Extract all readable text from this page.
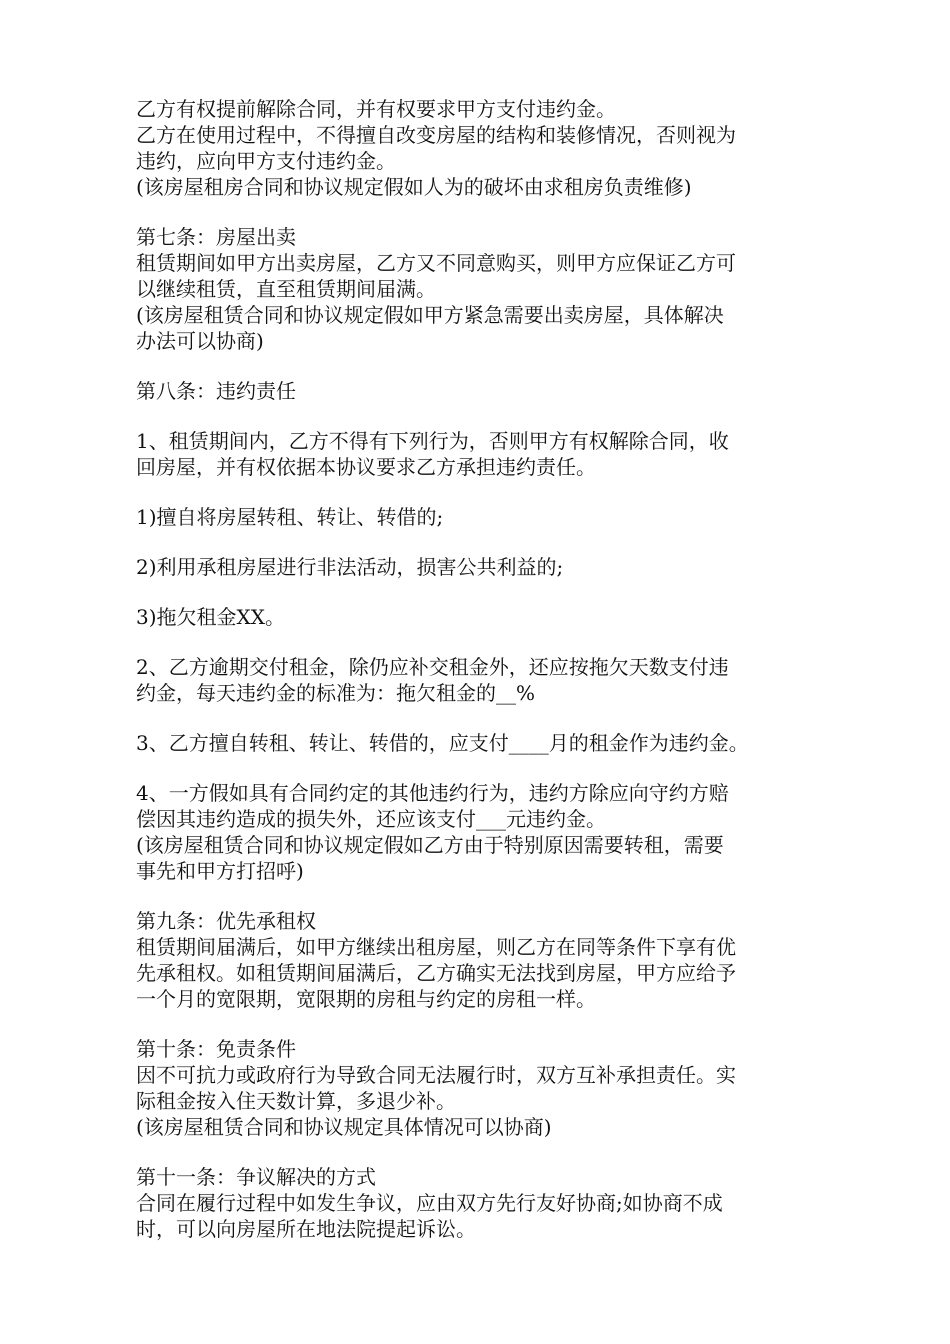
乙方有权提前解除合同，并有权要求甲方支付违约金。
乙方在使用过程中，不得擅自改变房屋的结构和装修情况，否则视为
违约，应向甲方支付违约金。
(该房屋租房合同和协议规定假如人为的破坏由求租房负责维修)
第七条：房屋出卖
租赁期间如甲方出卖房屋，乙方又不同意购买，则甲方应保证乙方可
以继续租赁，直至租赁期间届满。
(该房屋租赁合同和协议规定假如甲方紧急需要出卖房屋，具体解决
办法可以协商)
第八条：违约责任
1、租赁期间内，乙方不得有下列行为，否则甲方有权解除合同，收
回房屋，并有权依据本协议要求乙方承担违约责任。
1)擅自将房屋转租、转让、转借的;
2)利用承租房屋进行非法活动，损害公共利益的;
3)拖欠租金XX。
2、乙方逾期交付租金，除仍应补交租金外，还应按拖欠天数支付违
约金，每天违约金的标准为：拖欠租金的__%
3、乙方擅自转租、转让、转借的，应支付____月的租金作为违约金。
4、一方假如具有合同约定的其他违约行为，违约方除应向守约方赔
偿因其违约造成的损失外，还应该支付___元违约金。
(该房屋租赁合同和协议规定假如乙方由于特别原因需要转租，需要
事先和甲方打招呼)
第九条：优先承租权
租赁期间届满后，如甲方继续出租房屋，则乙方在同等条件下享有优
先承租权。如租赁期间届满后，乙方确实无法找到房屋，甲方应给予
一个月的宽限期，宽限期的房租与约定的房租一样。
第十条：免责条件
因不可抗力或政府行为导致合同无法履行时，双方互补承担责任。实
际租金按入住天数计算，多退少补。
(该房屋租赁合同和协议规定具体情况可以协商)
第十一条：争议解决的方式
合同在履行过程中如发生争议，应由双方先行友好协商;如协商不成
时，可以向房屋所在地法院提起诉讼。
